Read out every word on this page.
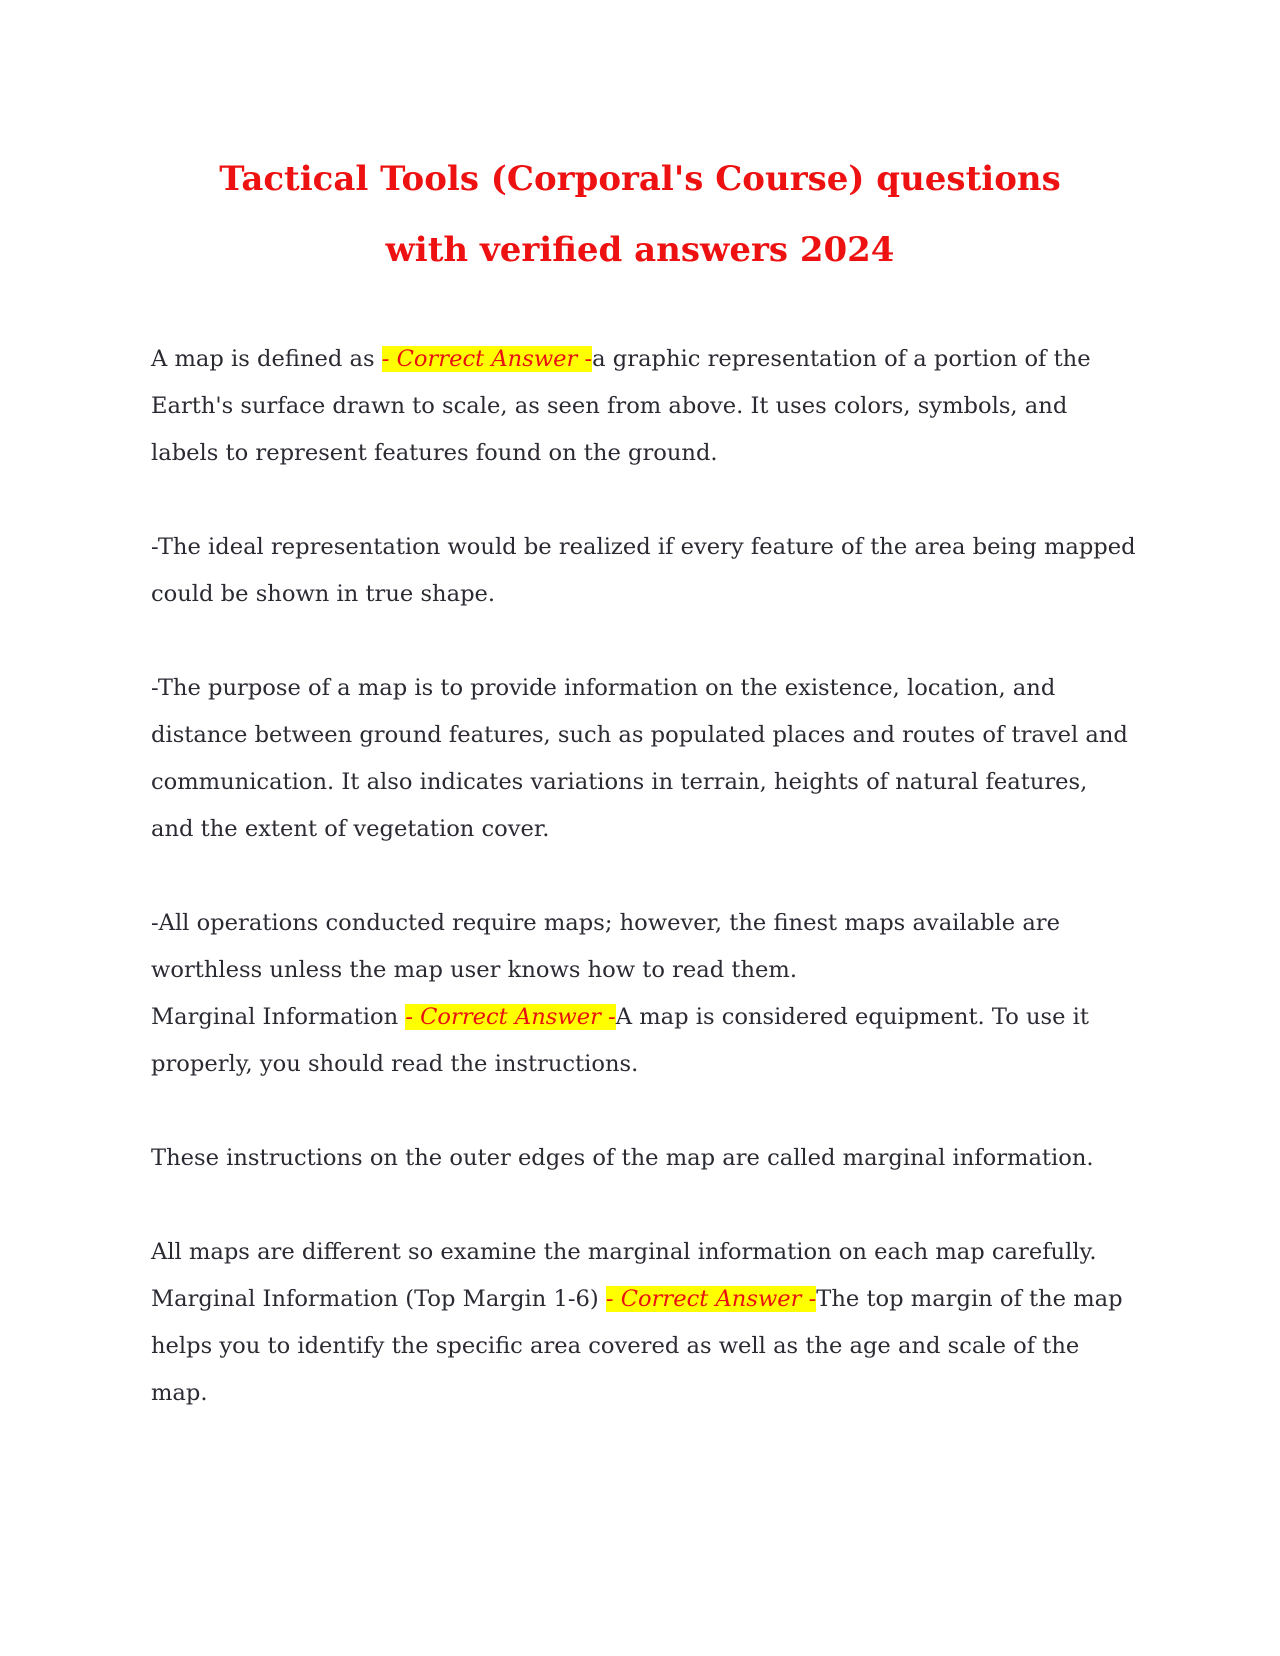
Tactical Tools (Corporal's Course) questions
with verified answers 2024

A map is defined as - Correct Answer -a graphic representation of a portion of the Earth's surface drawn to scale, as seen from above. It uses colors, symbols, and labels to represent features found on the ground.

-The ideal representation would be realized if every feature of the area being mapped could be shown in true shape.

-The purpose of a map is to provide information on the existence, location, and distance between ground features, such as populated places and routes of travel and communication. It also indicates variations in terrain, heights of natural features, and the extent of vegetation cover.

-All operations conducted require maps; however, the finest maps available are worthless unless the map user knows how to read them.

Marginal Information - Correct Answer -A map is considered equipment. To use it properly, you should read the instructions.

These instructions on the outer edges of the map are called marginal information.

All maps are different so examine the marginal information on each map carefully.

Marginal Information (Top Margin 1-6) - Correct Answer -The top margin of the map helps you to identify the specific area covered as well as the age and scale of the map.
